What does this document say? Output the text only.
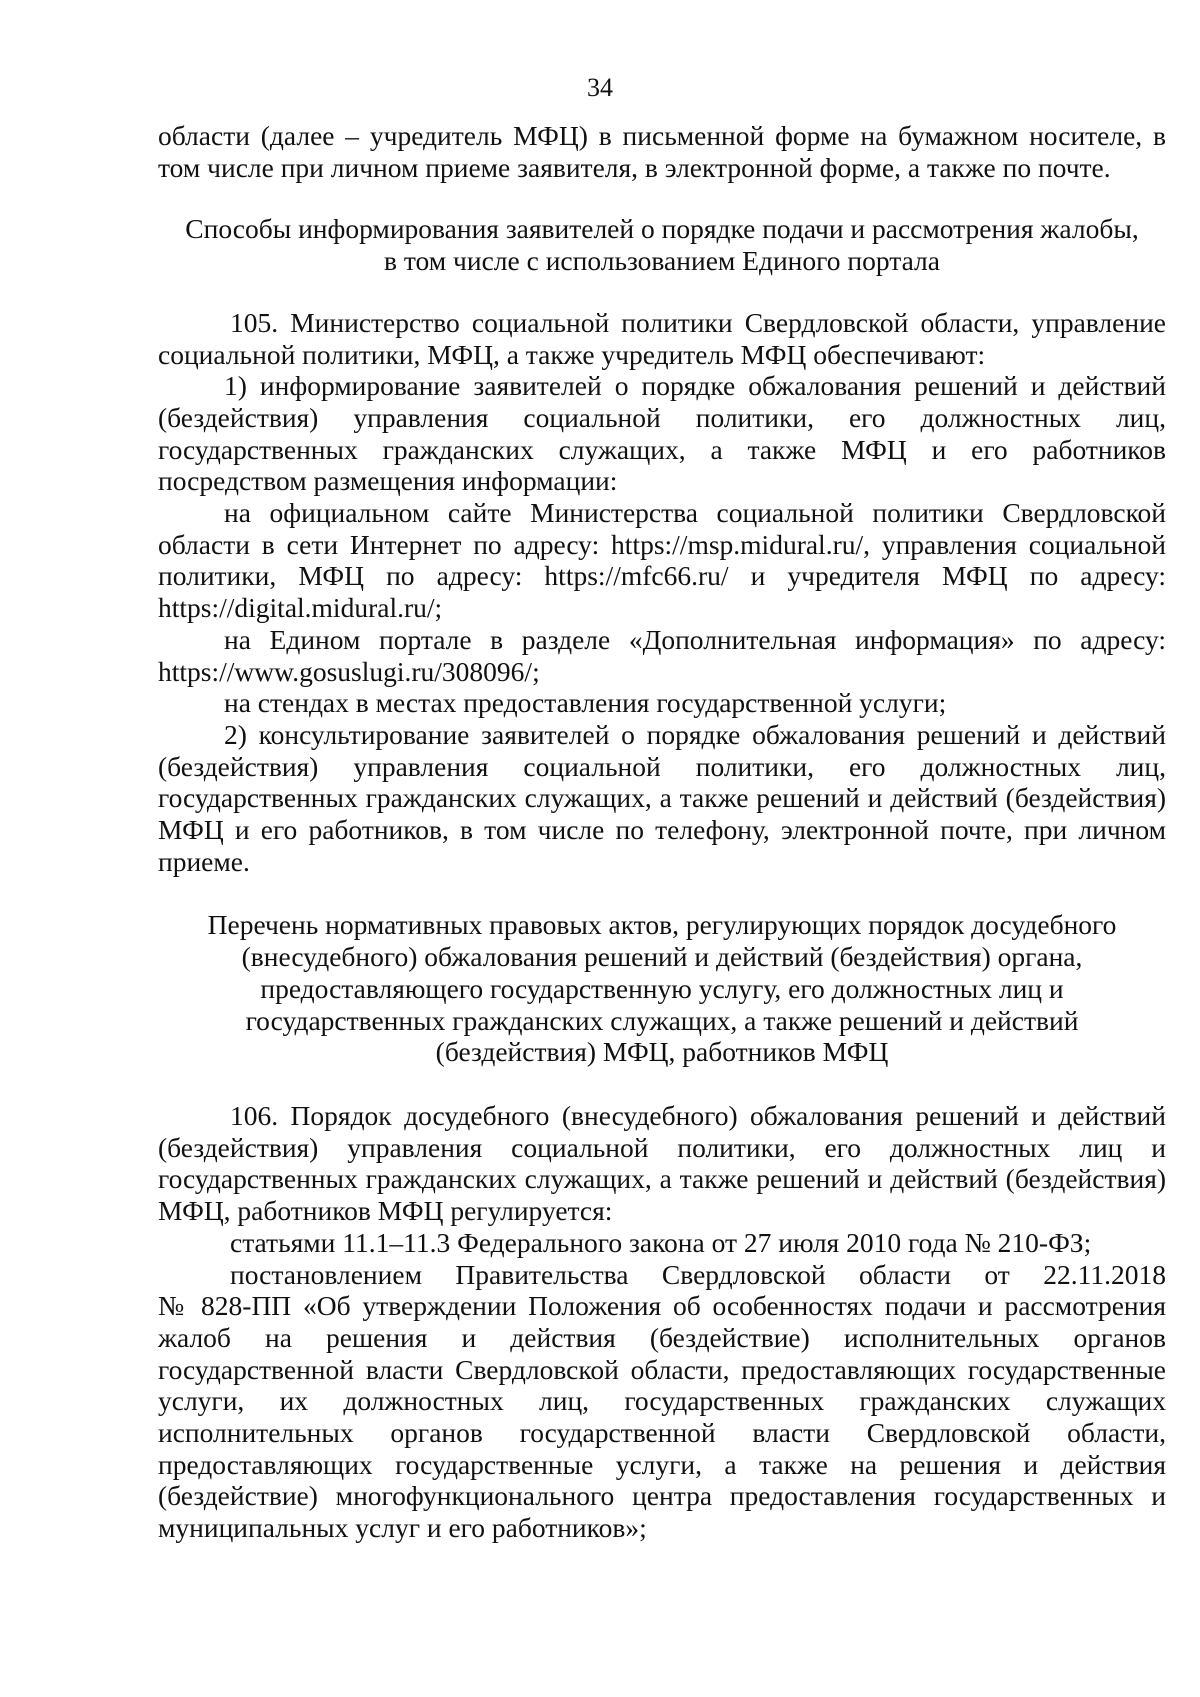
34

области (далее – учредитель МФЦ) в письменной форме на бумажном носителе, в том числе при личном приеме заявителя, в электронной форме, а также по почте.

Способы информирования заявителей о порядке подачи и рассмотрения жалобы,

в том числе с использованием Единого портала

105. Министерство социальной политики Свердловской области, управление социальной политики, МФЦ, а также учредитель МФЦ обеспечивают:

1) информирование заявителей о порядке обжалования решений и действий (бездействия) управления социальной политики, его должностных лиц, государственных гражданских служащих, а также МФЦ и его работников посредством размещения информации:

на официальном сайте Министерства социальной политики Свердловской области в сети Интернет по адресу: https://msp.midural.ru/, управления социальной политики, МФЦ по адресу: https://mfc66.ru/ и учредителя МФЦ по адресу: https://digital.midural.ru/;

на Едином портале в разделе «Дополнительная информация» по адресу: https://www.gosuslugi.ru/308096/;

на стендах в местах предоставления государственной услуги;

2) консультирование заявителей о порядке обжалования решений и действий (бездействия) управления социальной политики, его должностных лиц, государственных гражданских служащих, а также решений и действий (бездействия) МФЦ и его работников, в том числе по телефону, электронной почте, при личном приеме.

Перечень нормативных правовых актов, регулирующих порядок досудебного

(внесудебного) обжалования решений и действий (бездействия) органа,

предоставляющего государственную услугу, его должностных лиц и

государственных гражданских служащих, а также решений и действий

(бездействия) МФЦ, работников МФЦ

106. Порядок досудебного (внесудебного) обжалования решений и действий (бездействия) управления социальной политики, его должностных лиц и государственных гражданских служащих, а также решений и действий (бездействия) МФЦ, работников МФЦ регулируется:

статьями 11.1–11.3 Федерального закона от 27 июля 2010 года № 210-ФЗ;

постановлением Правительства Свердловской области от 22.11.2018

№ 828-ПП «Об утверждении Положения об особенностях подачи и рассмотрения жалоб на решения и действия (бездействие) исполнительных органов государственной власти Свердловской области, предоставляющих государственные услуги, их должностных лиц, государственных гражданских служащих исполнительных органов государственной власти Свердловской области, предоставляющих государственные услуги, а также на решения и действия (бездействие) многофункционального центра предоставления государственных и муниципальных услуг и его работников»;
